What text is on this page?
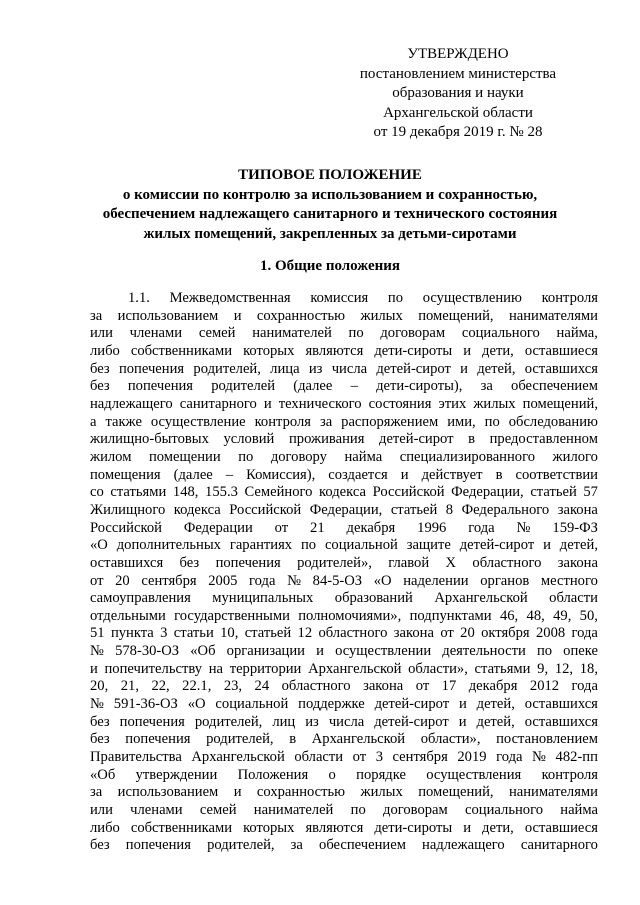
УТВЕРЖДЕНО
постановлением министерства
образования и науки
Архангельской области
от 19 декабря 2019 г. № 28
ТИПОВОЕ ПОЛОЖЕНИЕ
о комиссии по контролю за использованием и сохранностью,
обеспечением надлежащего санитарного и технического состояния
жилых помещений, закрепленных за детьми-сиротами
1. Общие положения
1.1. Межведомственная комиссия по осуществлению контроля
за использованием и сохранностью жилых помещений, нанимателями
или членами семей нанимателей по договорам социального найма,
либо собственниками которых являются дети-сироты и дети, оставшиеся
без попечения родителей, лица из числа детей-сирот и детей, оставшихся
без попечения родителей (далее – дети-сироты), за обеспечением
надлежащего санитарного и технического состояния этих жилых помещений,
а также осуществление контроля за распоряжением ими, по обследованию
жилищно-бытовых условий проживания детей-сирот в предоставленном
жилом помещении по договору найма специализированного жилого
помещения (далее – Комиссия), создается и действует в соответствии
со статьями 148, 155.3 Семейного кодекса Российской Федерации, статьей 57
Жилищного кодекса Российской Федерации, статьей 8 Федерального закона
Российской Федерации от 21 декабря 1996 года № 159-ФЗ
«О дополнительных гарантиях по социальной защите детей-сирот и детей,
оставшихся без попечения родителей», главой X областного закона
от 20 сентября 2005 года № 84-5-ОЗ «О наделении органов местного
самоуправления муниципальных образований Архангельской области
отдельными государственными полномочиями», подпунктами 46, 48, 49, 50,
51 пункта 3 статьи 10, статьей 12 областного закона от 20 октября 2008 года
№ 578-30-ОЗ «Об организации и осуществлении деятельности по опеке
и попечительству на территории Архангельской области», статьями 9, 12, 18,
20, 21, 22, 22.1, 23, 24 областного закона от 17 декабря 2012 года
№ 591-36-ОЗ «О социальной поддержке детей-сирот и детей, оставшихся
без попечения родителей, лиц из числа детей-сирот и детей, оставшихся
без попечения родителей, в Архангельской области», постановлением
Правительства Архангельской области от 3 сентября 2019 года № 482-пп
«Об утверждении Положения о порядке осуществления контроля
за использованием и сохранностью жилых помещений, нанимателями
или членами семей нанимателей по договорам социального найма
либо собственниками которых являются дети-сироты и дети, оставшиеся
без попечения родителей, за обеспечением надлежащего санитарного
